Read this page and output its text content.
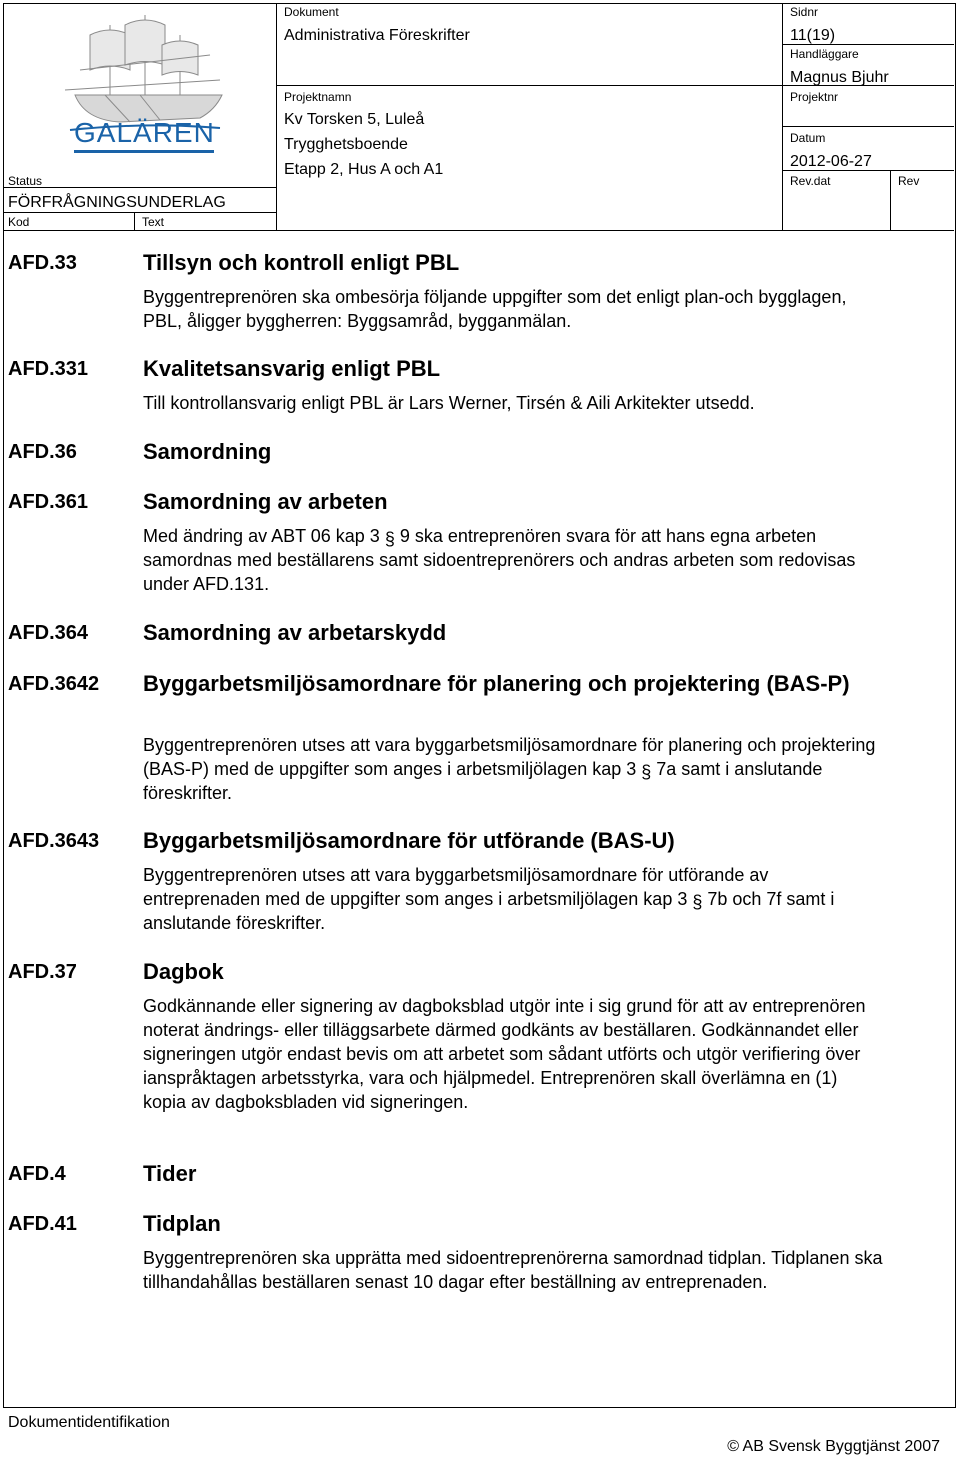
GALÄREN
Status
FÖRFRÅGNINGSUNDERLAG
Kod	Text
Dokument
Administrativa Föreskrifter
Projektnamn
Kv Torsken 5, Luleå
Trygghetsboende
Etapp 2, Hus A och A1
Sidnr
11(19)
Handläggare
Magnus Bjuhr
Projektnr
Datum
2012-06-27
Rev.dat	Rev
AFD.33	Tillsyn och kontroll enligt PBL
Byggentreprenören ska ombesörja följande uppgifter som det enligt plan-och bygglagen, PBL, åligger byggherren: Byggsamråd, bygganmälan.
AFD.331 Kvalitetsansvarig enligt PBL
Till kontrollansvarig enligt PBL är Lars Werner, Tirsén & Aili Arkitekter utsedd.
AFD.36	Samordning
AFD.361 Samordning av arbeten
Med ändring av ABT 06 kap 3 § 9 ska entreprenören svara för att hans egna arbeten samordnas med beställarens samt sidoentreprenörers och andras arbeten som redovisas under AFD.131.
AFD.364 Samordning av arbetarskydd
AFD.3642 Byggarbetsmiljösamordnare för planering och projektering (BAS-P)
Byggentreprenören utses att vara byggarbetsmiljösamordnare för planering och projektering (BAS-P) med de uppgifter som anges i arbetsmiljölagen kap 3 § 7a samt i anslutande föreskrifter.
AFD.3643 Byggarbetsmiljösamordnare för utförande (BAS-U)
Byggentreprenören utses att vara byggarbetsmiljösamordnare för utförande av entreprenaden med de uppgifter som anges i arbetsmiljölagen kap 3 § 7b och 7f samt i anslutande föreskrifter.
AFD.37	Dagbok
Godkännande eller signering av dagboksblad utgör inte i sig grund för att av entreprenören noterat ändrings- eller tilläggsarbete därmed godkänts av beställaren. Godkännandet eller signeringen utgör endast bevis om att arbetet som sådant utförts och utgör verifiering över ianspråktagen arbetsstyrka, vara och hjälpmedel. Entreprenören skall överlämna en (1) kopia av dagboksbladen vid signeringen.
AFD.4	Tider
AFD.41	Tidplan
Byggentreprenören ska upprätta med sidoentreprenörerna samordnad tidplan. Tidplanen ska tillhandahållas beställaren senast 10 dagar efter beställning av entreprenaden.
Dokumentidentifikation
© AB Svensk Byggtjänst 2007
